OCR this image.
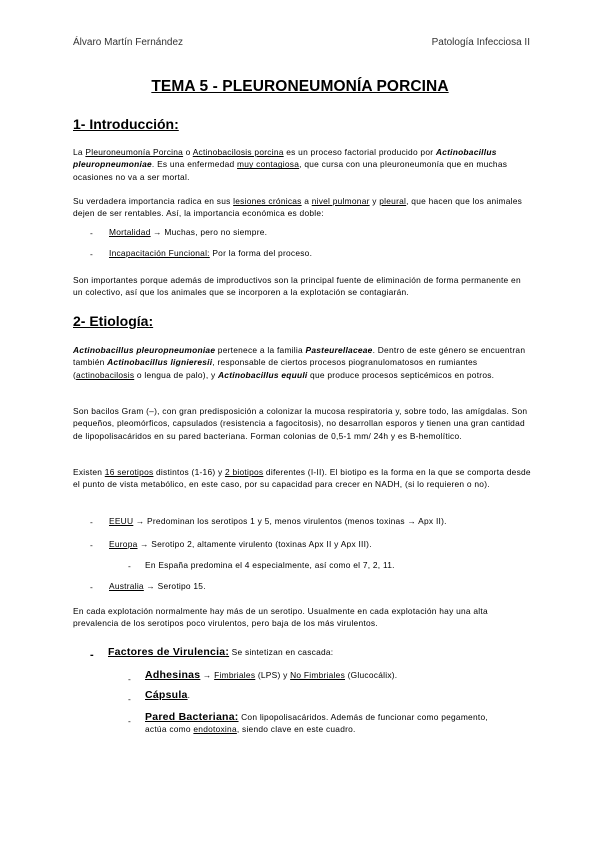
Álvaro Martín Fernández	Patología Infecciosa II
TEMA 5 - PLEURONEUMONÍA PORCINA
1- Introducción:
La Pleuroneumonía Porcina o Actinobacilosis porcina es un proceso factorial producido por Actinobacillus pleuropneumoniae. Es una enfermedad muy contagiosa, que cursa con una pleuroneumonía que en muchas ocasiones no va a ser mortal.
Su verdadera importancia radica en sus lesiones crónicas a nivel pulmonar y pleural, que hacen que los animales dejen de ser rentables. Así, la importancia económica es doble:
- Mortalidad → Muchas, pero no siempre.
- Incapacitación Funcional: Por la forma del proceso.
Son importantes porque además de improductivos son la principal fuente de eliminación de forma permanente en un colectivo, así que los animales que se incorporen a la explotación se contagiarán.
2- Etiología:
Actinobacillus pleuropneumoniae pertenece a la familia Pasteurellaceae. Dentro de este género se encuentran también Actinobacillus lignieresii, responsable de ciertos procesos piogranulomatosos en rumiantes (actinobacilosis o lengua de palo), y Actinobacillus equuli que produce procesos septicémicos en potros.
Son bacilos Gram (–), con gran predisposición a colonizar la mucosa respiratoria y, sobre todo, las amígdalas. Son pequeños, pleomórficos, capsulados (resistencia a fagocitosis), no desarrollan esporos y tienen una gran cantidad de lipopolisacáridos en su pared bacteriana. Forman colonias de 0,5-1 mm/ 24h y es B-hemolítico.
Existen 16 serotipos distintos (1-16) y 2 biotipos diferentes (I-II). El biotipo es la forma en la que se comporta desde el punto de vista metabólico, en este caso, por su capacidad para crecer en NADH, (si lo requieren o no).
- EEUU → Predominan los serotipos 1 y 5, menos virulentos (menos toxinas → Apx II).
- Europa → Serotipo 2, altamente virulento (toxinas Apx II y Apx III).
- En España predomina el 4 especialmente, así como el 7, 2, 11.
- Australia → Serotipo 15.
En cada explotación normalmente hay más de un serotipo. Usualmente en cada explotación hay una alta prevalencia de los serotipos poco virulentos, pero baja de los más virulentos.
- Factores de Virulencia: Se sintetizan en cascada:
- Adhesinas → Fimbriales (LPS) y No Fimbriales (Glucocálix).
- Cápsula.
- Pared Bacteriana: Con lipopolisacáridos. Además de funcionar como pegamento, actúa como endotoxina, siendo clave en este cuadro.
